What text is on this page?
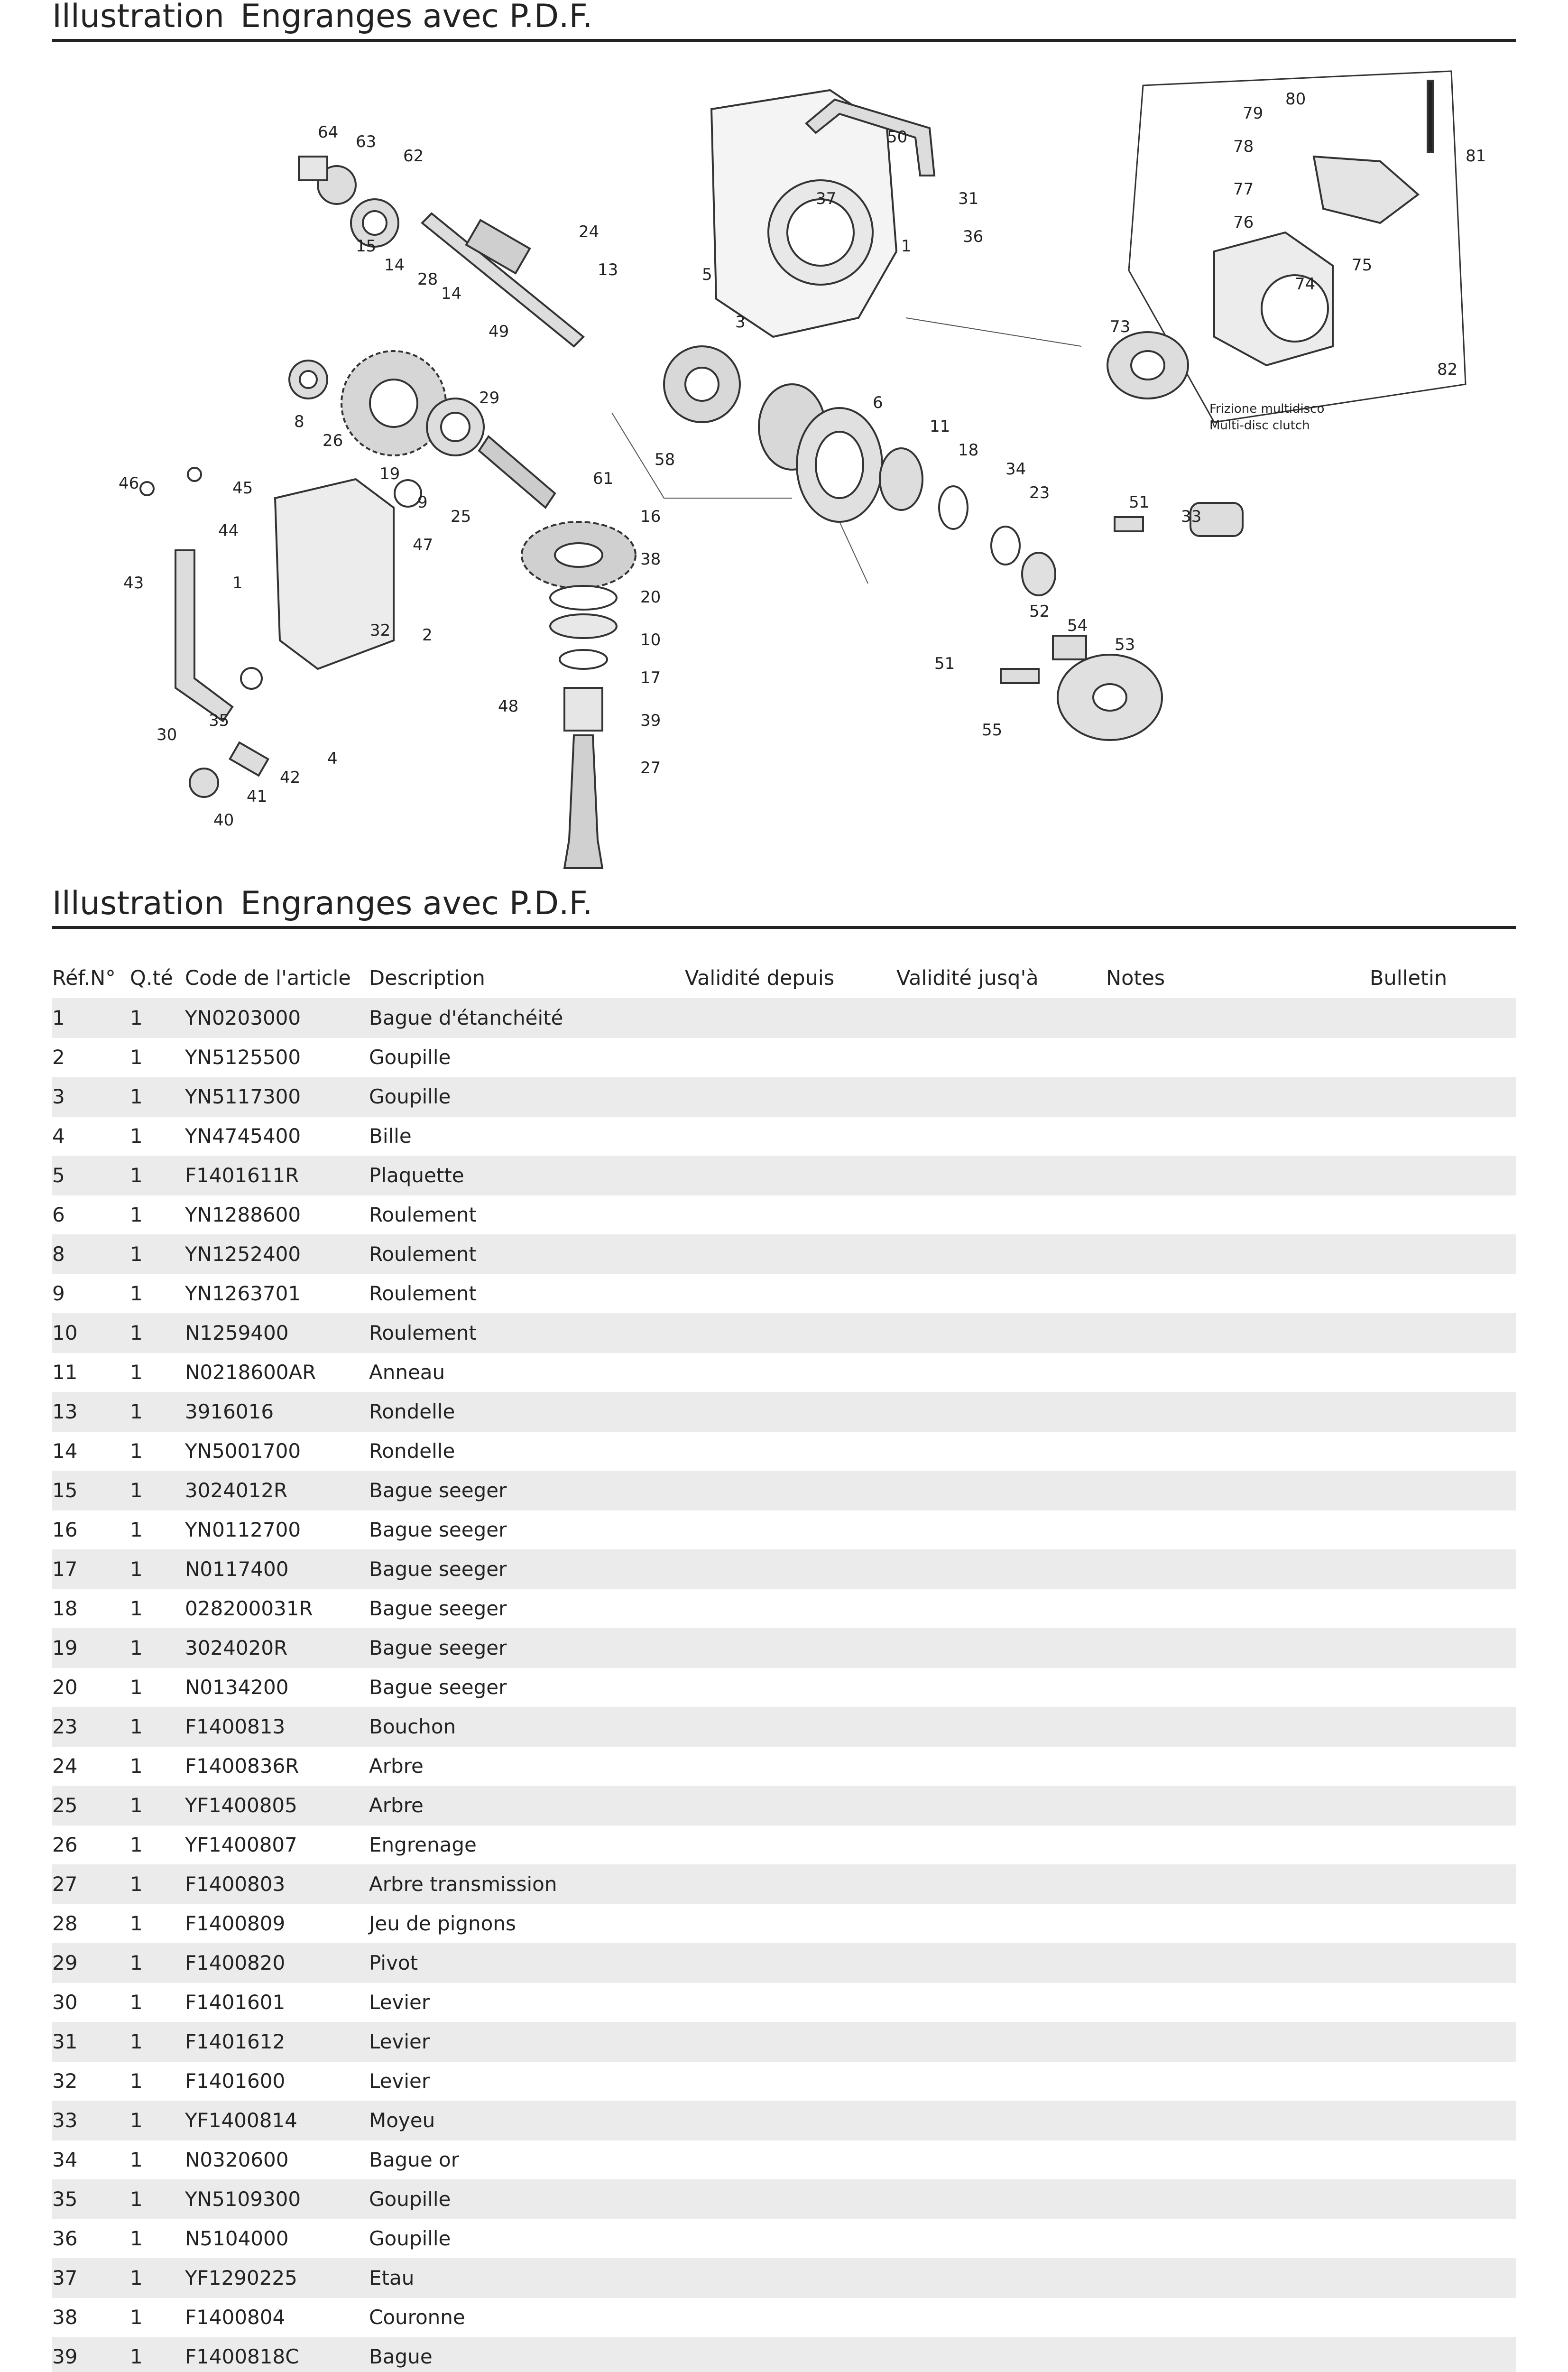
Illustration Engranges avec P.D.F.
64 63
62
24
13	5
3
37
50
31
36
1
15
14
28
14
49
29
8
26
19
9
25
61
58
16
38
20
10
17
39
27
48
6
11
18
34
23	51
33
52
54
53
51
55
46	45
44
43	1
47
32 2
30
35
42
4
41
40
79
80
78
77
76
75
74
73
81
82
Frizione multidisco
Multi-disc clutch
Illustration Engranges avec P.D.F.
Réf.N° Q.té Code de l'article Description	Validité depuis	Validité jusq'à	Notes	Bulletin
1	1 YN0203000	Bague d'étanchéité
2	1 YN5125500	Goupille
3	1 YN5117300	Goupille
4	1 YN4745400	Bille
5	1 F1401611R	Plaquette
6	1 YN1288600	Roulement
8	1 YN1252400	Roulement
9	1 YN1263701	Roulement
10	1 N1259400	Roulement
11	1 N0218600AR	Anneau
13	1 3916016	Rondelle
14	1 YN5001700	Rondelle
15	1 3024012R	Bague seeger
16	1 YN0112700	Bague seeger
17	1 N0117400	Bague seeger
18	1 028200031R	Bague seeger
19	1 3024020R	Bague seeger
20	1 N0134200	Bague seeger
23	1 F1400813	Bouchon
24	1 F1400836R	Arbre
25	1 YF1400805	Arbre
26	1 YF1400807	Engrenage
27	1 F1400803	Arbre transmission
28	1 F1400809	Jeu de pignons
29	1 F1400820	Pivot
30	1 F1401601	Levier
31	1 F1401612	Levier
32	1 F1401600	Levier
33	1 YF1400814	Moyeu
34	1 N0320600	Bague or
35	1 YN5109300	Goupille
36	1 N5104000	Goupille
37	1 YF1290225	Etau
38	1 F1400804	Couronne
39	1 F1400818C	Bague
